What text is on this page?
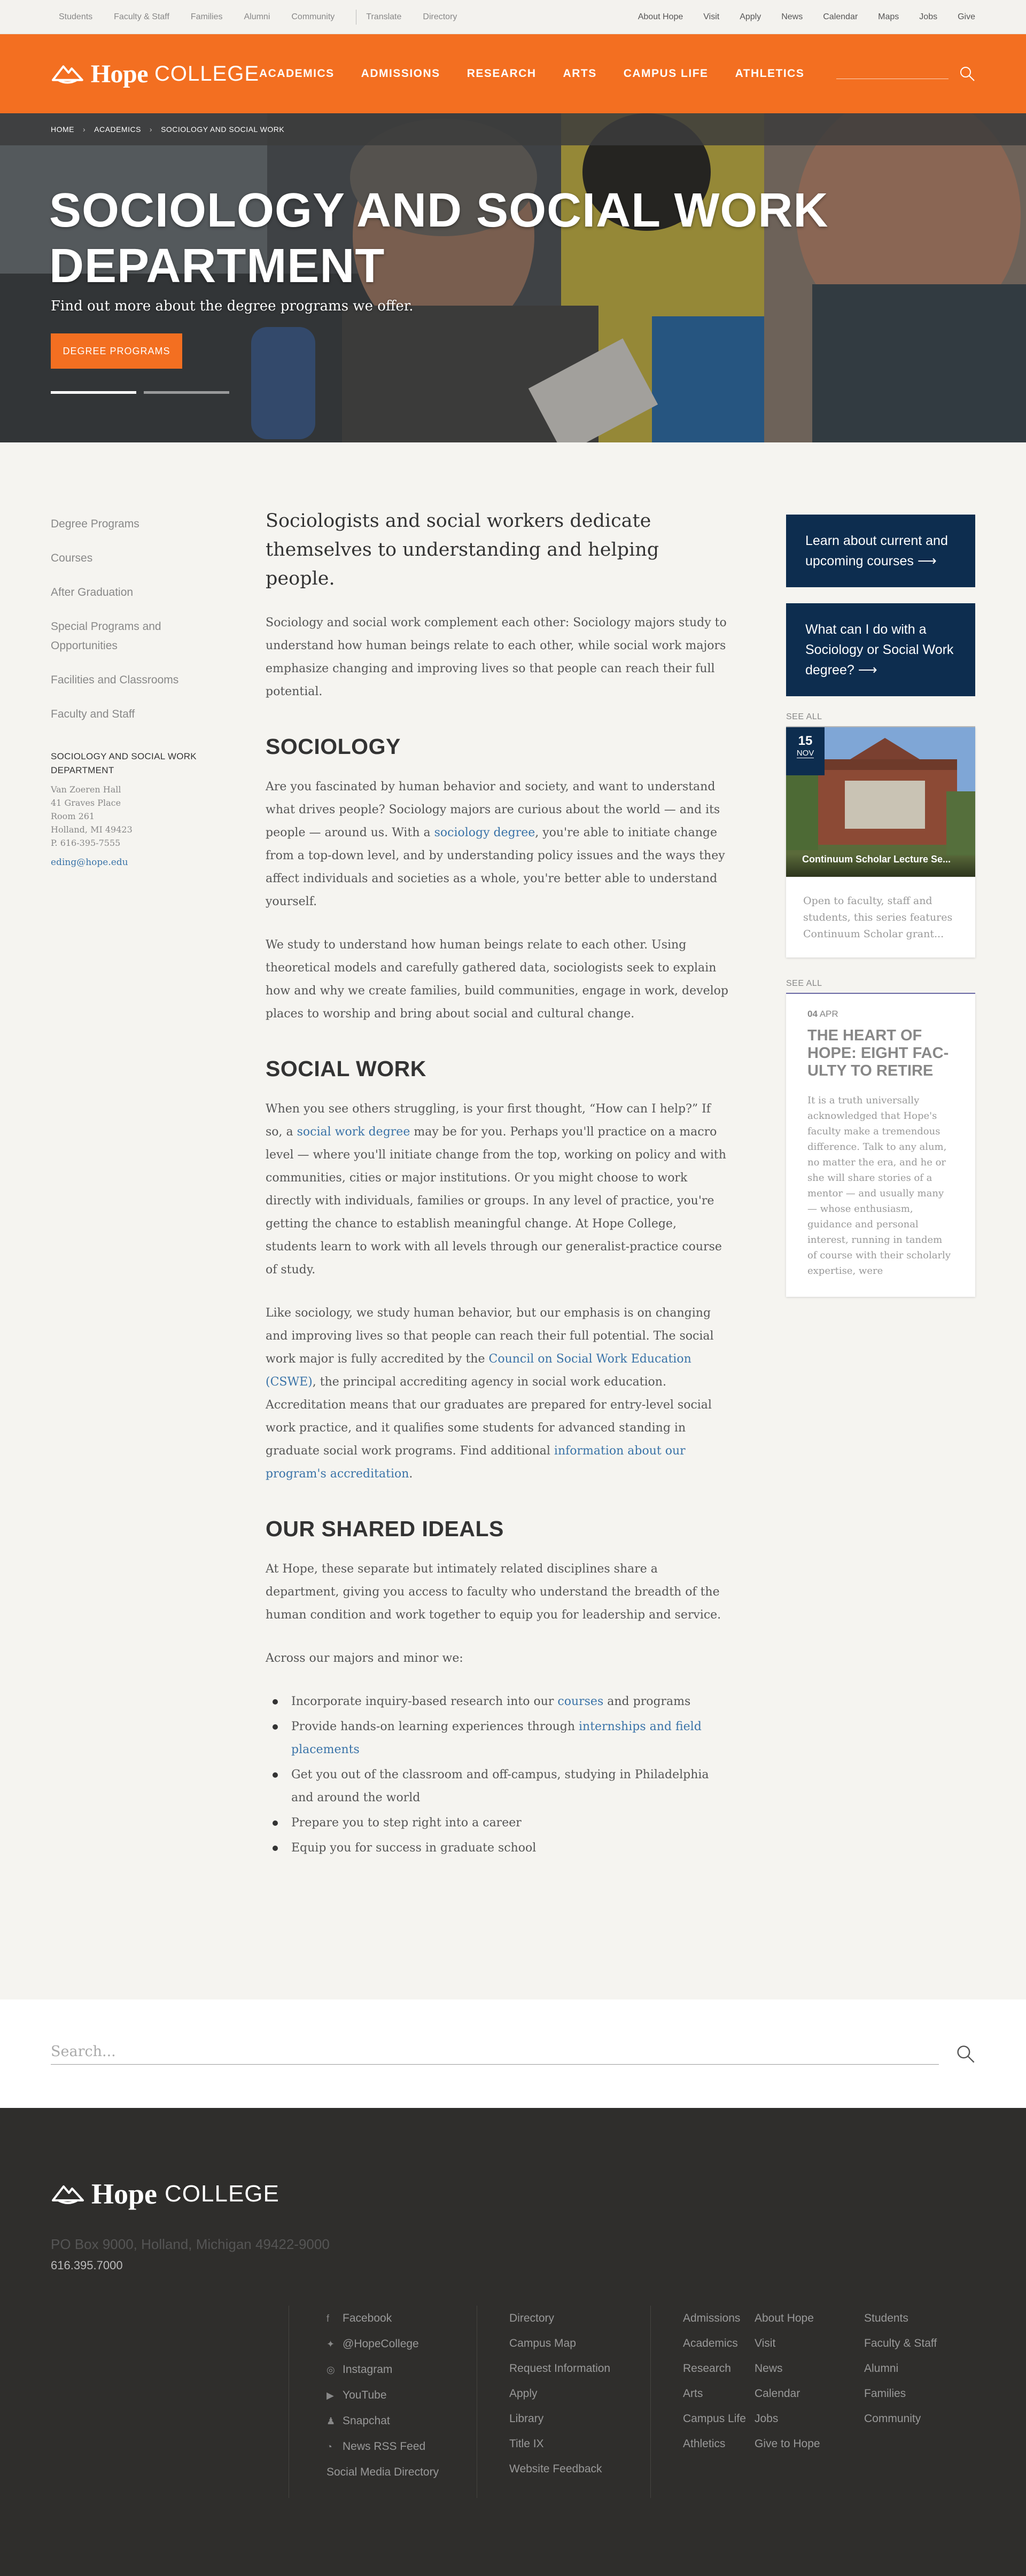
Students	Faculty & Staff	Families	Alumni	Community	Translate	Directory	About Hope Visit Apply News Calendar Maps Jobs Give
Hope COLLEGE ACADEMICS ADMISSIONS RESEARCH ARTS CAMPUS LIFE ATHLETICS
HOME › ACADEMICS › SOCIOLOGY AND SOCIAL WORK
SOCIOLOGY AND SOCIAL WORK DEPARTMENT

Find out more about the degree programs we offer.

DEGREE PROGRAMS
Degree Programs
Courses
After Graduation
Special Programs and Opportunities
Facilities and Classrooms
Faculty and Staff
SOCIOLOGY AND SOCIAL WORK DEPARTMENT
Van Zoeren Hall
41 Graves Place
Room 261
Holland, MI 49423
P. 616-395-7555
eding@hope.edu
Sociologists and social workers dedicate themselves to understanding and helping people.

Sociology and social work complement each other: Sociology majors study to understand how human beings relate to each other, while social work majors emphasize changing and improving lives so that people can reach their full potential.

SOCIOLOGY

Are you fascinated by human behavior and society, and want to understand what drives people? Sociology majors are curious about the world — and its people — around us. With a sociology degree, you're able to initiate change from a top-down level, and by understanding policy issues and the ways they affect individuals and societies as a whole, you're better able to understand yourself.

We study to understand how human beings relate to each other. Using theoretical models and carefully gathered data, sociologists seek to explain how and why we create families, build communities, engage in work, develop places to worship and bring about social and cultural change.

SOCIAL WORK

When you see others struggling, is your first thought, “How can I help?” If so, a social work degree may be for you. Perhaps you'll practice on a macro level — where you'll initiate change from the top, working on policy and with communities, cities or major institutions. Or you might choose to work directly with individuals, families or groups. In any level of practice, you're getting the chance to establish meaningful change. At Hope College, students learn to work with all levels through our generalist-practice course of study.

Like sociology, we study human behavior, but our emphasis is on changing and improving lives so that people can reach their full potential. The social work major is fully accredited by the Council on Social Work Education (CSWE), the principal accrediting agency in social work education. Accreditation means that our graduates are prepared for entry-level social work practice, and it qualifies some students for advanced standing in graduate social work programs. Find additional information about our program's accreditation.

OUR SHARED IDEALS

At Hope, these separate but intimately related disciplines share a department, giving you access to faculty who understand the breadth of the human condition and work together to equip you for leadership and service.

Across our majors and minor we:

Incorporate inquiry-based research into our courses and programs
Provide hands-on learning experiences through internships and field placements
Get you out of the classroom and off-campus, studying in Philadelphia and around the world
Prepare you to step right into a career
Equip you for success in graduate school
Learn about current and upcoming courses ⟶
What can I do with a Sociology or Social Work degree? ⟶
SEE ALL
15
NOV
Continuum Scholar Lecture Se...
Open to faculty, staff and students, this series features Continuum Scholar grant...
SEE ALL
04 APR
THE HEART OF HOPE: EIGHT FAC-ULTY TO RETIRE

It is a truth universally acknowledged that Hope's faculty make a tremendous difference. Talk to any alum, no matter the era, and he or she will share stories of a mentor — and usually many — whose enthusiasm, guidance and personal interest, running in tandem of course with their scholarly expertise, were

Search...
Hope COLLEGE
PO Box 9000, Holland, Michigan 49422-9000
616.395.7000
f Facebook
✦ @HopeCollege
◎ Instagram
▶ YouTube
♟ Snapchat
◔ News RSS Feed
Social Media Directory
Directory
Campus Map
Request Information
Apply
Library
Title IX
Website Feedback
Admissions
Academics
Research
Arts
Campus Life
Athletics
About Hope
Visit
News
Calendar
Jobs
Give to Hope
Students
Faculty & Staff
Alumni
Families
Community
